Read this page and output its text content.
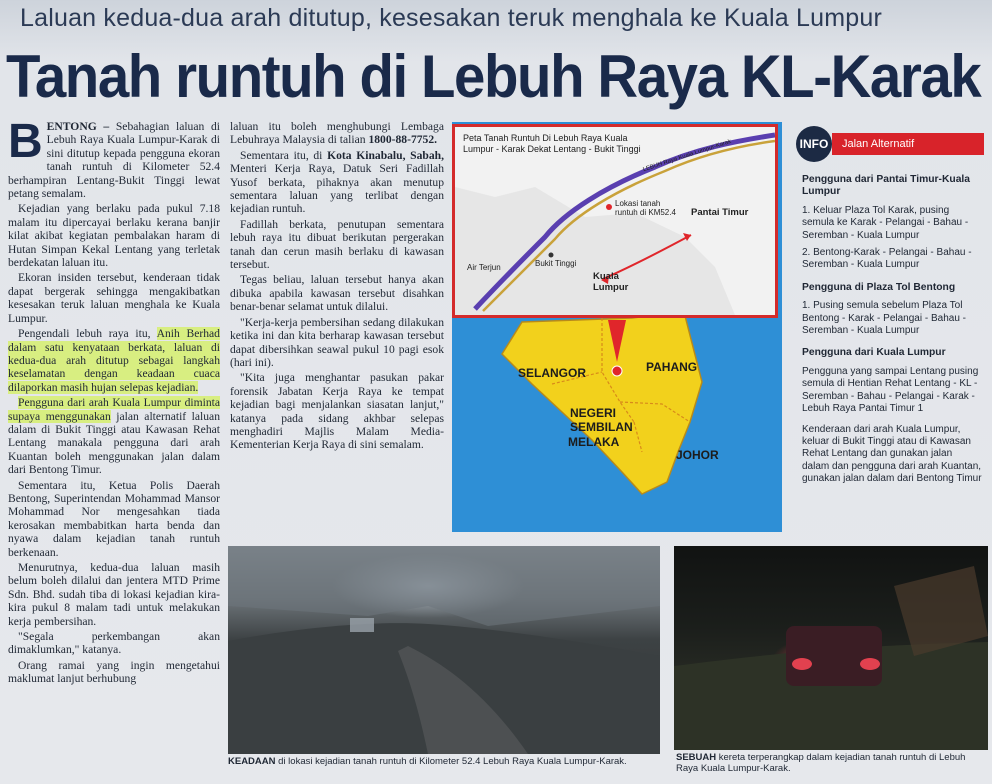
Laluan kedua-dua arah ditutup, kesesakan teruk menghala ke Kuala Lumpur
Tanah runtuh di Lebuh Raya KL-Karak

BENTONG – Sebahagian laluan di Lebuh Raya Kuala Lumpur-Karak di sini ditutup kepada pengguna ekoran tanah runtuh di Kilometer 52.4 berhampiran Lentang-Bukit Tinggi lewat petang semalam.

Kejadian yang berlaku pada pukul 7.18 malam itu dipercayai berlaku kerana banjir kilat akibat kegiatan pembalakan haram di Hutan Simpan Kekal Lentang yang terletak berdekatan laluan itu.

Ekoran insiden tersebut, kenderaan tidak dapat bergerak sehingga mengakibatkan kesesakan teruk laluan menghala ke Kuala Lumpur.

Pengendali lebuh raya itu, Anih Berhad dalam satu kenyataan berkata, laluan di kedua-dua arah ditutup sebagai langkah keselamatan dengan keadaan cuaca dilaporkan masih hujan selepas kejadian.

Pengguna dari arah Kuala Lumpur diminta supaya menggunakan jalan alternatif laluan dalam di Bukit Tinggi atau Kawasan Rehat Lentang manakala pengguna dari arah Kuantan boleh menggunakan jalan dalam dari Bentong Timur.

Sementara itu, Ketua Polis Daerah Bentong, Superintendan Mohammad Mansor Mohammad Nor mengesahkan tiada kerosakan membabitkan harta benda dan nyawa dalam kejadian tanah runtuh berkenaan.

Menurutnya, kedua-dua laluan masih belum boleh dilalui dan jentera MTD Prime Sdn. Bhd. sudah tiba di lokasi kejadian kira-kira pukul 8 malam tadi untuk melakukan kerja pembersihan.

"Segala perkembangan akan dimaklumkan," katanya.

Orang ramai yang ingin mengetahui maklumat lanjut berhubung

laluan itu boleh menghubungi Lembaga Lebuhraya Malaysia di talian 1800-88-7752.

Sementara itu, di Kota Kinabalu, Sabah, Menteri Kerja Raya, Datuk Seri Fadillah Yusof berkata, pihaknya akan menutup sementara laluan yang terlibat dengan kejadian runtuh.

Fadillah berkata, penutupan sementara lebuh raya itu dibuat berikutan pergerakan tanah dan cerun masih berlaku di kawasan tersebut.

Tegas beliau, laluan tersebut hanya akan dibuka apabila kawasan tersebut disahkan benar-benar selamat untuk dilalui.

"Kerja-kerja pembersihan sedang dilakukan ketika ini dan kita berharap kawasan tersebut dapat dibersihkan seawal pukul 10 pagi esok (hari ini).

"Kita juga menghantar pasukan pakar forensik Jabatan Kerja Raya ke tempat kejadian bagi menjalankan siasatan lanjut," katanya pada sidang akhbar selepas menghadiri Majlis Malam Media-Kementerian Kerja Raya di sini semalam.

SELANGOR	PAHANG
NEGERI SEMBILAN
MELAKA
JOHOR
Peta Tanah Runtuh Di Lebuh Raya Kuala Lumpur - Karak Dekat Lentang - Bukit Tinggi
Lokasi tanah runtuh di KM52.4	Pantai Timur
Kuala Lumpur
Bukit Tinggi
Air Terjun
LEBUH Raya Kuala Lumpur-Karak	INFO	Jalan Alternatif
Pengguna dari Pantai Timur-Kuala Lumpur
1. Keluar Plaza Tol Karak, pusing semula ke Karak - Pelangai - Bahau - Seremban - Kuala Lumpur
2. Bentong-Karak - Pelangai - Bahau - Seremban - Kuala Lumpur
Pengguna di Plaza Tol Bentong
1. Pusing semula sebelum Plaza Tol Bentong - Karak - Pelangai - Bahau - Seremban - Kuala Lumpur
Pengguna dari Kuala Lumpur
Pengguna yang sampai Lentang pusing semula di Hentian Rehat Lentang - KL - Seremban - Bahau - Pelangai - Karak - Lebuh Raya Pantai Timur 1
Kenderaan dari arah Kuala Lumpur, keluar di Bukit Tinggi atau di Kawasan Rehat Lentang dan gunakan jalan dalam dan pengguna dari arah Kuantan, gunakan jalan dalam dari Bentong Timur
KEADAAN di lokasi kejadian tanah runtuh di Kilometer 52.4 Lebuh Raya Kuala Lumpur-Karak.	SEBUAH kereta terperangkap dalam kejadian tanah runtuh di Lebuh Raya Kuala Lumpur-Karak.
